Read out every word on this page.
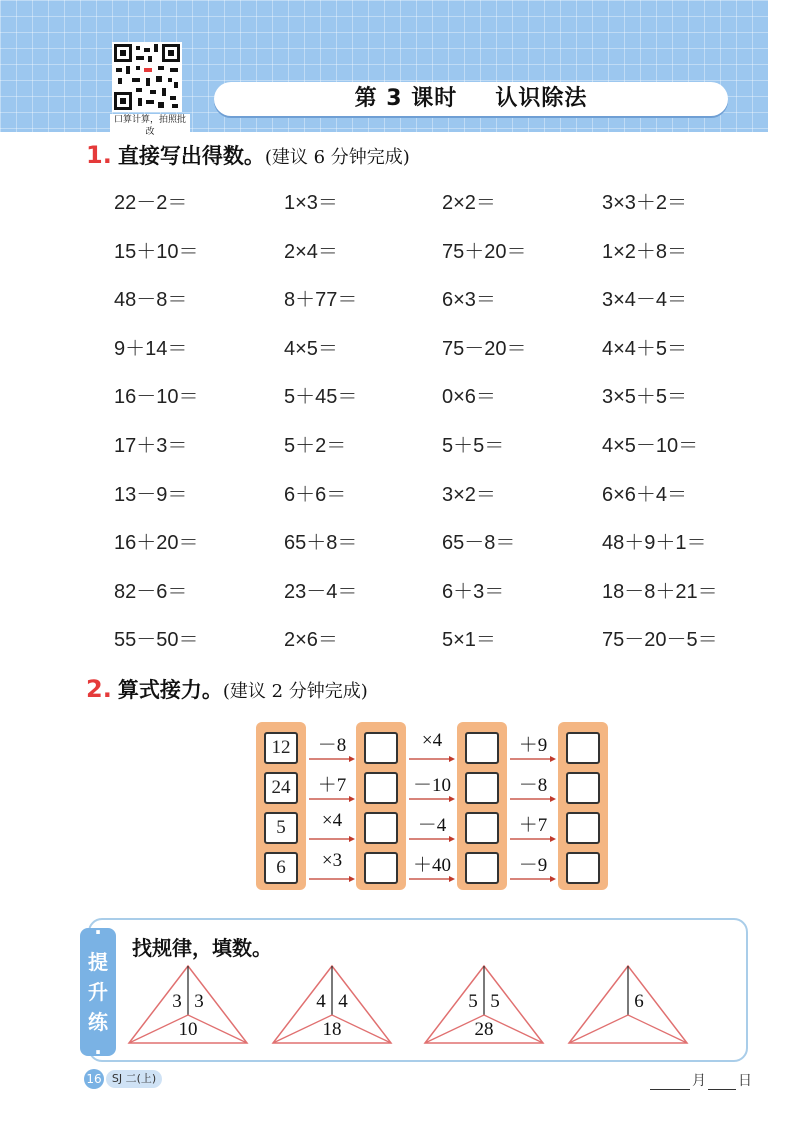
口算计算，拍照批改
第 3 课时 认识除法
1. 直接写出得数。(建议 6 分钟完成)
22－2＝	1×3＝	2×2＝	3×3＋2＝
15＋10＝	2×4＝	75＋20＝	1×2＋8＝
48－8＝	8＋77＝	6×3＝	3×4－4＝
9＋14＝	4×5＝	75－20＝	4×4＋5＝
16－10＝	5＋45＝	0×6＝	3×5＋5＝
17＋3＝	5＋2＝	5＋5＝	4×5－10＝
13－9＝	6＋6＝	3×2＝	6×6＋4＝
16＋20＝	65＋8＝	65－8＝	48＋9＋1＝
82－6＝	23－4＝	6＋3＝	18－8＋21＝
55－50＝	2×6＝	5×1＝	75－20－5＝
2. 算式接力。(建议 2 分钟完成)
12	－8	×4	＋9
24	＋7	－10	－8
5	×4	－4	＋7
6	×3	＋40	－9
·
提
升
练
·
找规律，填数。
3 3
10
4 4
18
5 5
28
6
16 SJ 二(上)	月 日
